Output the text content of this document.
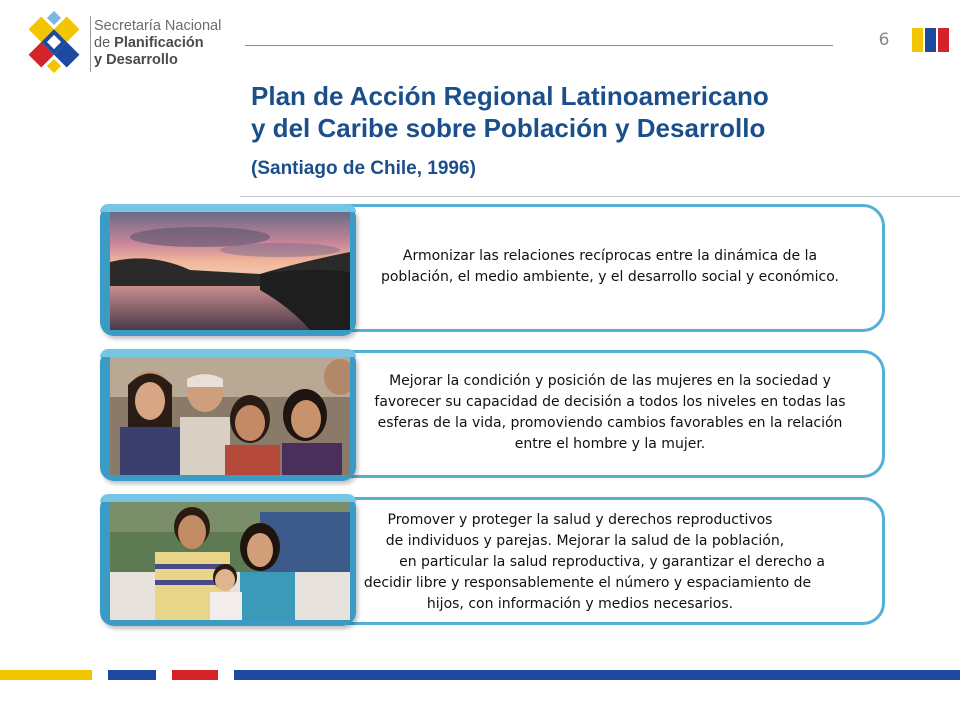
Secretaría Nacional
de Planificación
y Desarrollo
6
Plan de Acción Regional Latinoamericano
y del Caribe sobre Población y Desarrollo
(Santiago de Chile, 1996)
Armonizar las relaciones recíprocas entre la dinámica de la
población, el medio ambiente, y el desarrollo social y económico.
Mejorar la condición y posición de las mujeres en la sociedad y
favorecer su capacidad de decisión a todos los niveles en todas las
esferas de la vida, promoviendo cambios favorables en la relación
entre el hombre y la mujer.
Promover y proteger la salud y derechos reproductivos
de individuos y parejas. Mejorar la salud de la población,
en particular la salud reproductiva, y garantizar el derecho a
decidir libre y responsablemente el número y espaciamiento de
hijos, con información y medios necesarios.
